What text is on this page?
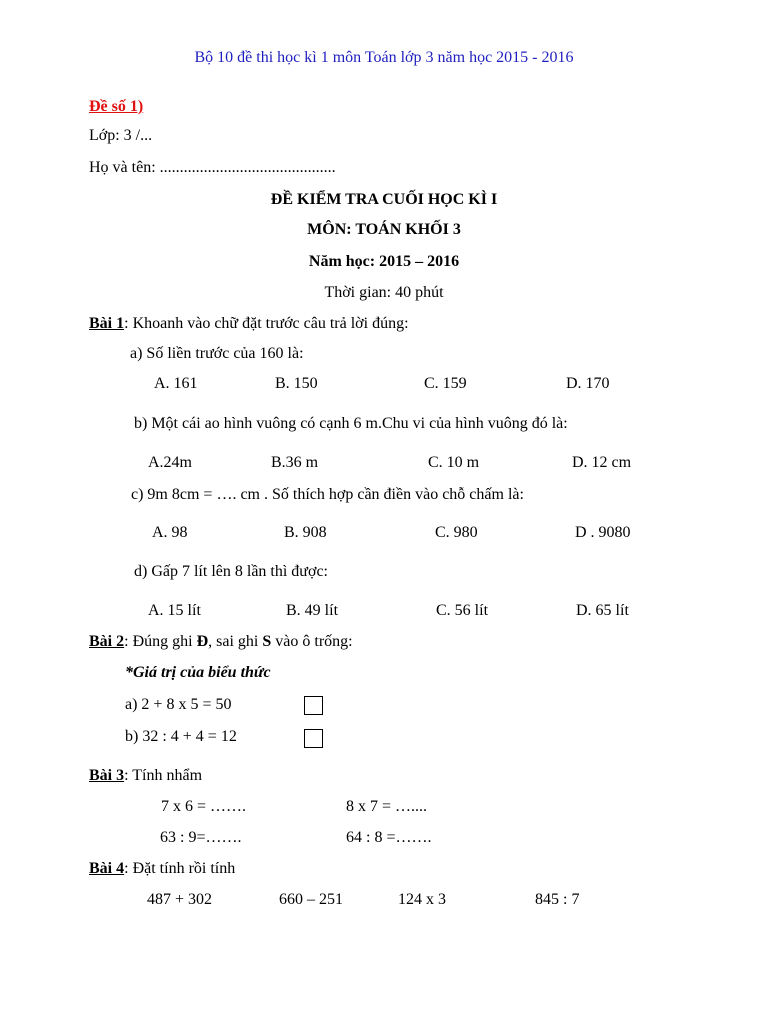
Bộ 10 đề thi học kì 1 môn Toán lớp 3 năm học 2015 - 2016
Đề số 1)
Lớp: 3 /...
Họ và tên: ............................................
ĐỀ KIỂM TRA CUỐI HỌC KÌ I
MÔN: TOÁN KHỐI 3
Năm học: 2015 – 2016
Thời gian: 40 phút
Bài 1: Khoanh vào chữ đặt trước câu trả lời đúng:
a) Số liền trước của 160 là:
A. 161	B. 150	C. 159	D. 170
b) Một cái ao hình vuông có cạnh 6 m.Chu vi của hình vuông đó là:
A.24m	B.36 m	C. 10 m	D. 12 cm
c) 9m 8cm = …. cm . Số thích hợp cần điền vào chỗ chấm là:
A. 98	B. 908	C. 980	D . 9080
d) Gấp 7 lít lên 8 lần thì được:
A. 15 lít	B. 49 lít	C. 56 lít	D. 65 lít
Bài 2: Đúng ghi Đ, sai ghi S vào ô trống:
*Giá trị của biểu thức
a) 2 + 8 x 5 = 50
b) 32 : 4 + 4 = 12
Bài 3: Tính nhẩm
7 x 6 = …….	8 x 7 = …....
63 : 9=…….	64 : 8 =…….
Bài 4: Đặt tính rồi tính
487 + 302	660 – 251	124 x 3	845 : 7
